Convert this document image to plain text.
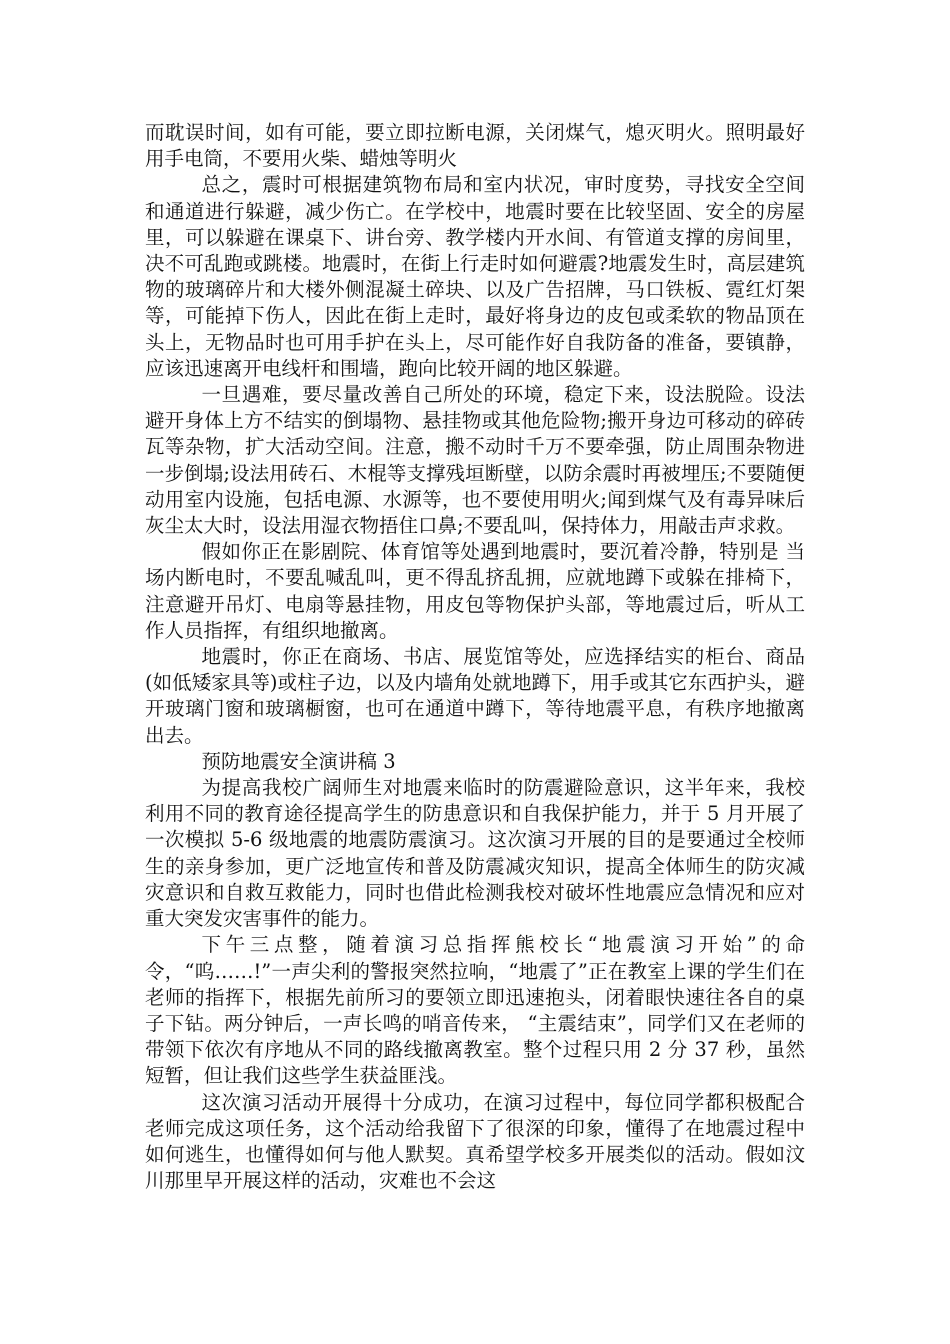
而耽误时间，如有可能，要立即拉断电源，关闭煤气，熄灭明火。照明最好用手电筒，不要用火柴、蜡烛等明火

总之，震时可根据建筑物布局和室内状况，审时度势，寻找安全空间和通道进行躲避，减少伤亡。在学校中，地震时要在比较坚固、安全的房屋里，可以躲避在课桌下、讲台旁、教学楼内开水间、有管道支撑的房间里，决不可乱跑或跳楼。地震时，在街上行走时如何避震?地震发生时，高层建筑物的玻璃碎片和大楼外侧混凝土碎块、以及广告招牌，马口铁板、霓红灯架等，可能掉下伤人，因此在街上走时，最好将身边的皮包或柔软的物品顶在头上，无物品时也可用手护在头上，尽可能作好自我防备的准备，要镇静，应该迅速离开电线杆和围墙，跑向比较开阔的地区躲避。

一旦遇难，要尽量改善自己所处的环境，稳定下来，设法脱险。设法避开身体上方不结实的倒塌物、悬挂物或其他危险物;搬开身边可移动的碎砖瓦等杂物，扩大活动空间。注意，搬不动时千万不要牵强，防止周围杂物进一步倒塌;设法用砖石、木棍等支撑残垣断壁，以防余震时再被埋压;不要随便动用室内设施，包括电源、水源等，也不要使用明火;闻到煤气及有毒异味后灰尘太大时，设法用湿衣物捂住口鼻;不要乱叫，保持体力，用敲击声求救。

假如你正在影剧院、体育馆等处遇到地震时，要沉着冷静，特别是 当场内断电时，不要乱喊乱叫，更不得乱挤乱拥，应就地蹲下或躲在排椅下，注意避开吊灯、电扇等悬挂物，用皮包等物保护头部，等地震过后，听从工作人员指挥，有组织地撤离。

地震时，你正在商场、书店、展览馆等处，应选择结实的柜台、商品(如低矮家具等)或柱子边，以及内墙角处就地蹲下，用手或其它东西护头，避开玻璃门窗和玻璃橱窗，也可在通道中蹲下，等待地震平息，有秩序地撤离出去。

预防地震安全演讲稿 3

为提高我校广阔师生对地震来临时的防震避险意识，这半年来，我校利用不同的教育途径提高学生的防患意识和自我保护能力，并于 5 月开展了一次模拟 5-6 级地震的地震防震演习。这次演习开展的目的是要通过全校师生的亲身参加，更广泛地宣传和普及防震减灾知识，提高全体师生的防灾减灾意识和自救互救能力，同时也借此检测我校对破坏性地震应急情况和应对重大突发灾害事件的能力。

下午三点整，随着演习总指挥熊校长“地震演习开始”的命令，“呜……!”一声尖利的警报突然拉响，“地震了”正在教室上课的学生们在老师的指挥下，根据先前所习的要领立即迅速抱头，闭着眼快速往各自的桌子下钻。两分钟后，一声长鸣的哨音传来， “主震结束”，同学们又在老师的带领下依次有序地从不同的路线撤离教室。整个过程只用 2 分 37 秒，虽然短暂，但让我们这些学生获益匪浅。

这次演习活动开展得十分成功，在演习过程中，每位同学都积极配合老师完成这项任务，这个活动给我留下了很深的印象，懂得了在地震过程中如何逃生，也懂得如何与他人默契。真希望学校多开展类似的活动。假如汶川那里早开展这样的活动，灾难也不会这
